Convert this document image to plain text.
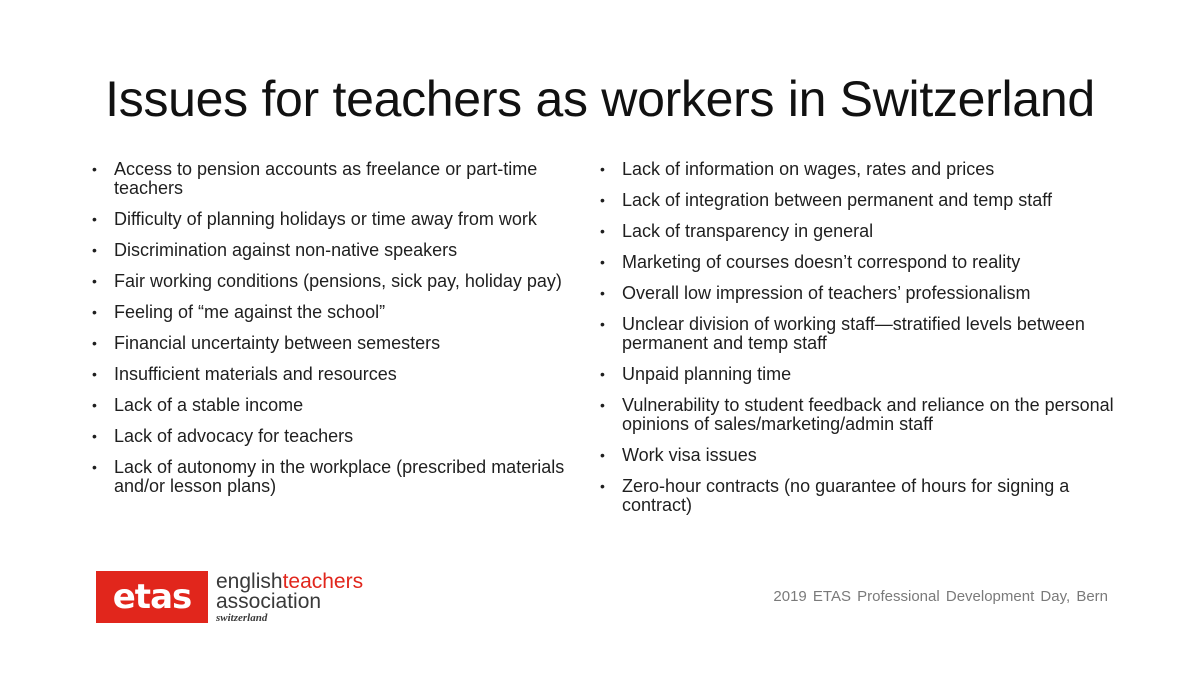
Issues for teachers as workers in Switzerland
• Access to pension accounts as freelance or part-time teachers
• Difficulty of planning holidays or time away from work
• Discrimination against non-native speakers
• Fair working conditions (pensions, sick pay, holiday pay)
• Feeling of “me against the school”
• Financial uncertainty between semesters
• Insufficient materials and resources
• Lack of a stable income
• Lack of advocacy for teachers
• Lack of autonomy in the workplace (prescribed materials and/or lesson plans)
• Lack of information on wages, rates and prices
• Lack of integration between permanent and temp staff
• Lack of transparency in general
• Marketing of courses doesn’t correspond to reality
• Overall low impression of teachers’ professionalism
• Unclear division of working staff—stratified levels between permanent and temp staff
• Unpaid planning time
• Vulnerability to student feedback and reliance on the personal opinions of sales/marketing/admin staff
• Work visa issues
• Zero-hour contracts (no guarantee of hours for signing a contract)
etas	englishteachers
association
switzerland
2019 ETAS Professional Development Day, Bern
